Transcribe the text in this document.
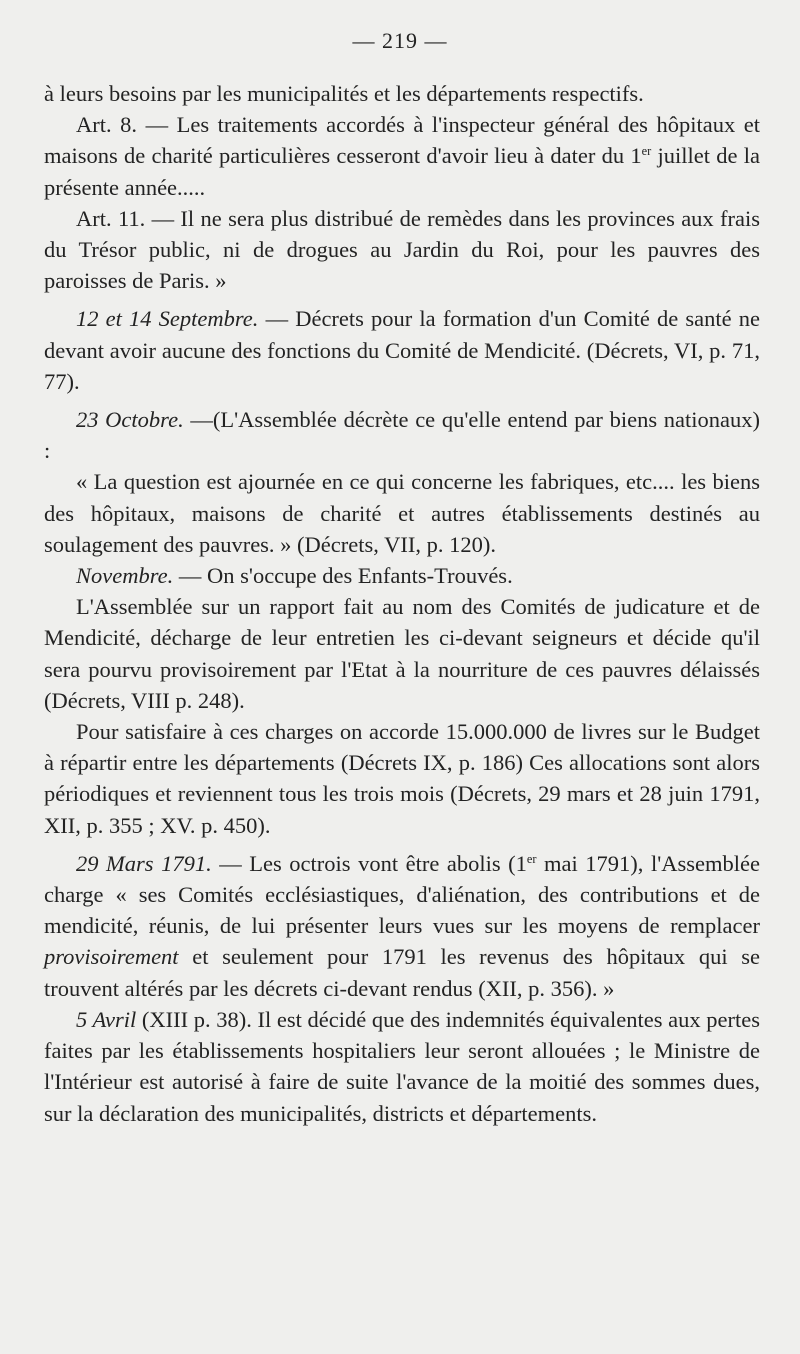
— 219 —

à leurs besoins par les municipalités et les départements respectifs.

Art. 8. — Les traitements accordés à l'inspecteur général des hôpitaux et maisons de charité particulières cesseront d'avoir lieu à dater du 1er juillet de la présente année.....

Art. 11. — Il ne sera plus distribué de remèdes dans les provinces aux frais du Trésor public, ni de drogues au Jardin du Roi, pour les pauvres des paroisses de Paris. »

12 et 14 Septembre. — Décrets pour la formation d'un Comité de santé ne devant avoir aucune des fonctions du Comité de Mendicité. (Décrets, VI, p. 71, 77).

23 Octobre. —(L'Assemblée décrète ce qu'elle entend par biens nationaux) :

« La question est ajournée en ce qui concerne les fabriques, etc.... les biens des hôpitaux, maisons de charité et autres établissements destinés au soulagement des pauvres. » (Décrets, VII, p. 120).

Novembre. — On s'occupe des Enfants-Trouvés.

L'Assemblée sur un rapport fait au nom des Comités de judicature et de Mendicité, décharge de leur entretien les ci-devant seigneurs et décide qu'il sera pourvu provisoirement par l'Etat à la nourriture de ces pauvres délaissés (Décrets, VIII p. 248).

Pour satisfaire à ces charges on accorde 15.000.000 de livres sur le Budget à répartir entre les départements (Décrets IX, p. 186) Ces allocations sont alors périodiques et reviennent tous les trois mois (Décrets, 29 mars et 28 juin 1791, XII, p. 355 ; XV. p. 450).

29 Mars 1791. — Les octrois vont être abolis (1er mai 1791), l'Assemblée charge « ses Comités ecclésiastiques, d'aliénation, des contributions et de mendicité, réunis, de lui présenter leurs vues sur les moyens de remplacer provisoirement et seulement pour 1791 les revenus des hôpitaux qui se trouvent altérés par les décrets ci-devant rendus (XII, p. 356). »

5 Avril (XIII p. 38). Il est décidé que des indemnités équivalentes aux pertes faites par les établissements hospitaliers leur seront allouées ; le Ministre de l'Intérieur est autorisé à faire de suite l'avance de la moitié des sommes dues, sur la déclaration des municipalités, districts et départements.
